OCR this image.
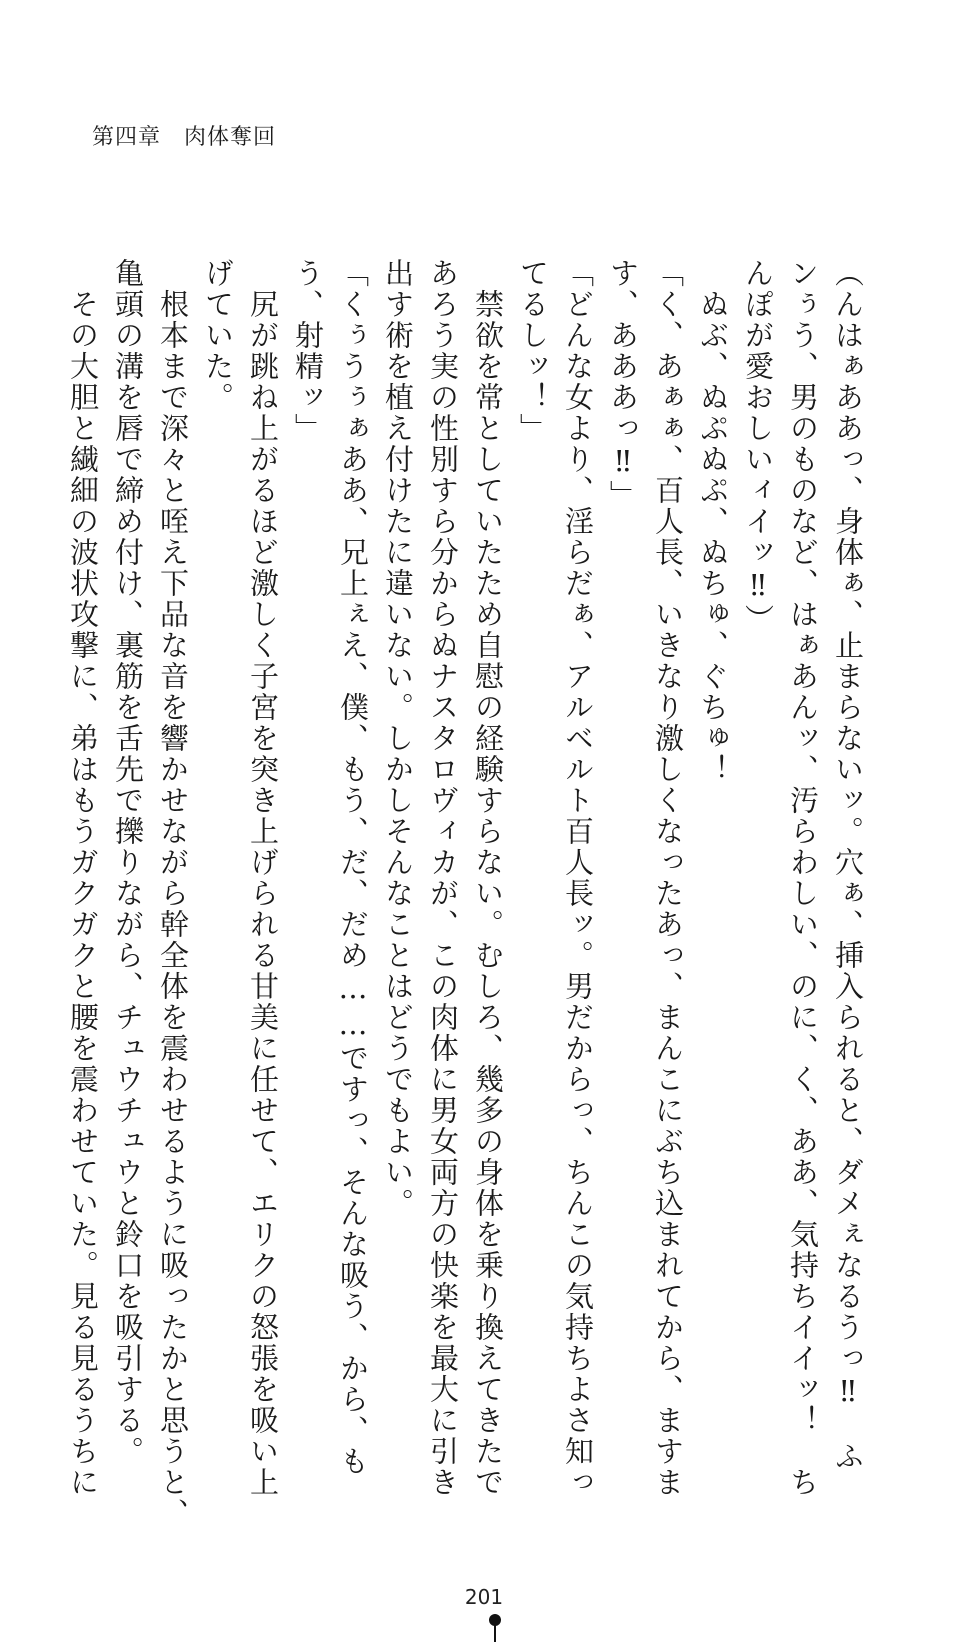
第四章　肉体奪回
（んはぁああっ、身体ぁ、止まらないッ。穴ぁ、挿入られると、ダメぇなるうっ‼　ふ
ンぅう、男のものなど、はぁあんッ、汚らわしい、のに、く、ああ、気持ちイイッ！　ち
んぽが愛おしいィイッ‼）
　ぬぶ、ぬぷぬぷ、ぬちゅ、ぐちゅ！
「く、あぁぁ、百人長、いきなり激しくなったあっ、まんこにぶち込まれてから、ますま
す、あああっ‼」
「どんな女より、淫らだぁ、アルベルト百人長ッ。男だからっ、ちんこの気持ちよさ知っ
てるしッ！」
　禁欲を常としていたため自慰の経験すらない。むしろ、幾多の身体を乗り換えてきたで
あろう実の性別すら分からぬナスタロヴィカが、この肉体に男女両方の快楽を最大に引き
出す術を植え付けたに違いない。しかしそんなことはどうでもよい。
「くぅうぅぁああ、兄上ぇえ、僕、もう、だ、だめ……ですっ、そんな吸う、から、も
う、射精ッ」
　尻が跳ね上がるほど激しく子宮を突き上げられる甘美に任せて、エリクの怒張を吸い上
げていた。
　根本まで深々と咥え下品な音を響かせながら幹全体を震わせるように吸ったかと思うと、
亀頭の溝を唇で締め付け、裏筋を舌先で擽りながら、チュウチュウと鈴口を吸引する。
　その大胆と繊細の波状攻撃に、弟はもうガクガクと腰を震わせていた。見る見るうちに
201
